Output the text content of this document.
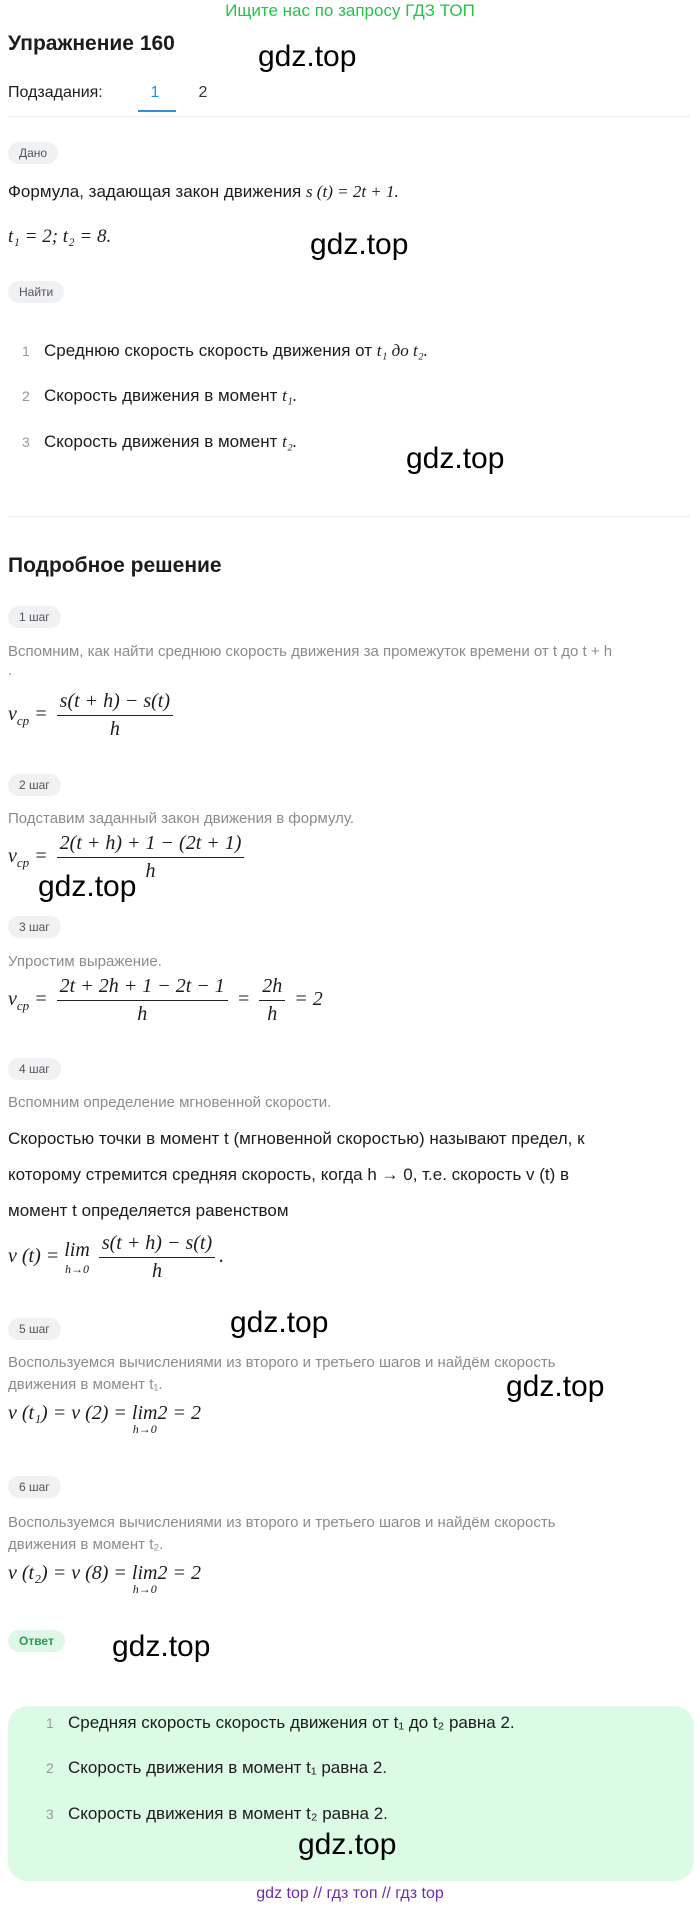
Ищите нас по запросу ГДЗ ТОП
Упражнение 160	gdz.top
Подзадания:	1	2
Дано
Формула, задающая закон движения s (t) = 2t + 1.
t₁ = 2; t₂ = 8.	gdz.top
Найти
1 Среднюю скорость скорость движения от t₁ до t₂.
2 Скорость движения в момент t₁.
3 Скорость движения в момент t₂.
gdz.top
Подробное решение
1 шаг
Вспомним, как найти среднюю скорость движения за промежуток времени от t до t + h
.
$v_{cp} = \frac{s(t + h) - s(t)}{h}$
2 шаг
Подставим заданный закон движения в формулу.
$v_{cp} = \frac{2(t + h) + 1 - (2t + 1)}{h}$
gdz.top
3 шаг
Упростим выражение.
$v_{cp} = \frac{2t + 2h + 1 - 2t - 1}{h} = \frac{2h}{h} = 2$
4 шаг
Вспомним определение мгновенной скорости.
Скоростью точки в момент t (мгновенной скоростью) называют предел, к
которому стремится средняя скорость, когда h → 0, т.е. скорость v (t) в
момент t определяется равенством
v (t) = lim
h→0
$\frac{s(t + h) - s(t)}{h}$ .
5 шаг	gdz.top
Воспользуемся вычислениями из второго и третьего шагов и найдём скорость
движения в момент t₁.	gdz.top
v (t₁) = v (2) = lim
h→0
2 = 2
6 шаг
Воспользуемся вычислениями из второго и третьего шагов и найдём скорость
движения в момент t₂.
v (t₂) = v (8) = lim
h→0
2 = 2
Ответ	gdz.top
1 Средняя скорость скорость движения от t₁ до t₂ равна 2.
2 Скорость движения в момент t₁ равна 2.
3 Скорость движения в момент t₂ равна 2.
gdz.top
gdz top // гдз топ // гдз top
